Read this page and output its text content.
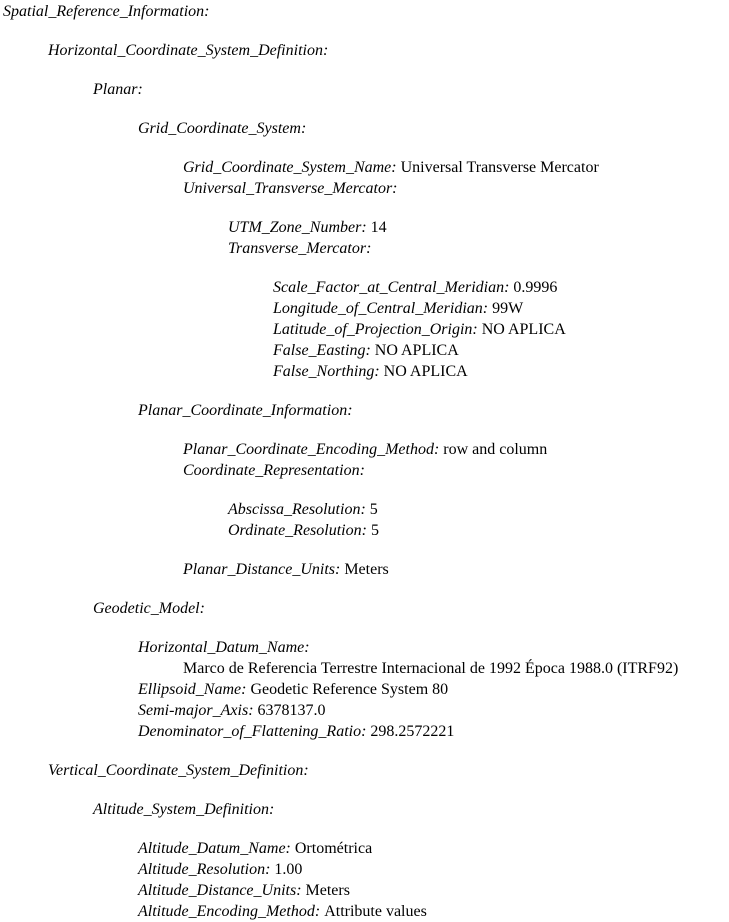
Spatial_Reference_Information:
Horizontal_Coordinate_System_Definition:
Planar:
Grid_Coordinate_System:
Grid_Coordinate_System_Name: Universal Transverse Mercator
Universal_Transverse_Mercator:
UTM_Zone_Number: 14
Transverse_Mercator:
Scale_Factor_at_Central_Meridian: 0.9996
Longitude_of_Central_Meridian: 99W
Latitude_of_Projection_Origin: NO APLICA
False_Easting: NO APLICA
False_Northing: NO APLICA
Planar_Coordinate_Information:
Planar_Coordinate_Encoding_Method: row and column
Coordinate_Representation:
Abscissa_Resolution: 5
Ordinate_Resolution: 5
Planar_Distance_Units: Meters
Geodetic_Model:
Horizontal_Datum_Name:
Marco de Referencia Terrestre Internacional de 1992 Época 1988.0 (ITRF92)
Ellipsoid_Name: Geodetic Reference System 80
Semi-major_Axis: 6378137.0
Denominator_of_Flattening_Ratio: 298.2572221
Vertical_Coordinate_System_Definition:
Altitude_System_Definition:
Altitude_Datum_Name: Ortométrica
Altitude_Resolution: 1.00
Altitude_Distance_Units: Meters
Altitude_Encoding_Method: Attribute values
